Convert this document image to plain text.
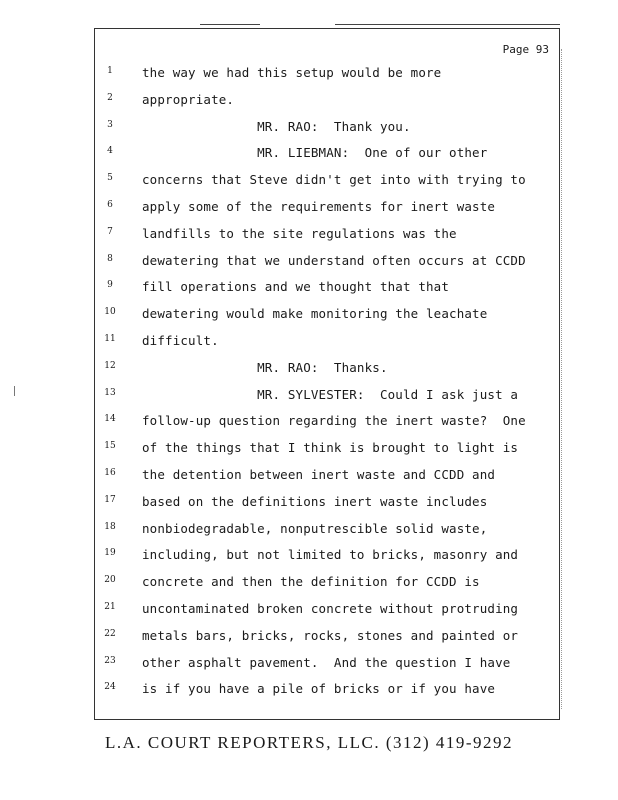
Page 93
1	the way we had this setup would be more
2	appropriate.
3	MR. RAO:  Thank you.
4	MR. LIEBMAN:  One of our other
5	concerns that Steve didn't get into with trying to
6	apply some of the requirements for inert waste
7	landfills to the site regulations was the
8	dewatering that we understand often occurs at CCDD
9	fill operations and we thought that that
10 dewatering would make monitoring the leachate
11 difficult.
12 MR. RAO:  Thanks.
13 MR. SYLVESTER:  Could I ask just a
14 follow-up question regarding the inert waste?  One
15 of the things that I think is brought to light is
16 the detention between inert waste and CCDD and
17 based on the definitions inert waste includes
18 nonbiodegradable, nonputrescible solid waste,
19 including, but not limited to bricks, masonry and
20 concrete and then the definition for CCDD is
21 uncontaminated broken concrete without protruding
22 metals bars, bricks, rocks, stones and painted or
23 other asphalt pavement.  And the question I have
24 is if you have a pile of bricks or if you have
L.A. COURT REPORTERS, LLC. (312) 419-9292
